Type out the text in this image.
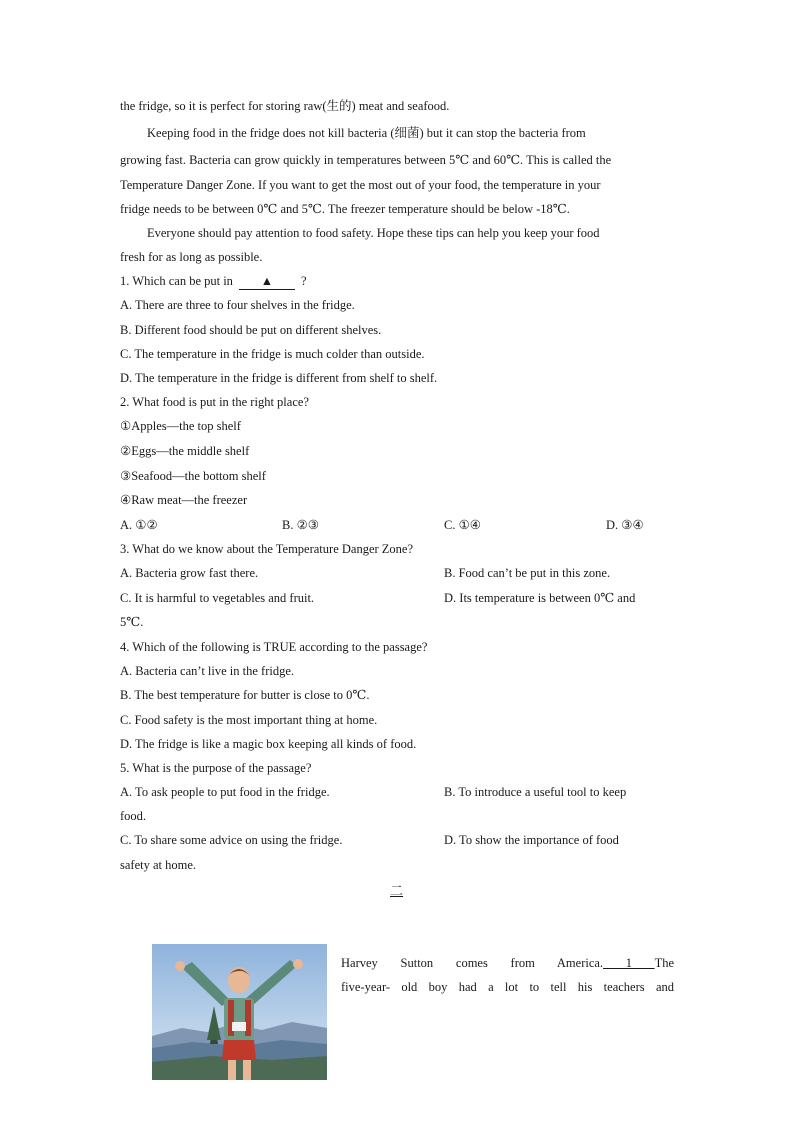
the fridge, so it is perfect for storing raw(生的) meat and seafood.
Keeping food in the fridge does not kill bacteria (细菌) but it can stop the bacteria from
growing fast. Bacteria can grow quickly in temperatures between 5℃ and 60℃. This is called the
Temperature Danger Zone. If you want to get the most out of your food, the temperature in your
fridge needs to be between 0℃ and 5℃. The freezer temperature should be below -18℃.
Everyone should pay attention to food safety. Hope these tips can help you keep your food
fresh for as long as possible.
1. Which can be put in ▲ ?
A. There are three to four shelves in the fridge.
B. Different food should be put on different shelves.
C. The temperature in the fridge is much colder than outside.
D. The temperature in the fridge is different from shelf to shelf.
2. What food is put in the right place?
①Apples—the top shelf
②Eggs—the middle shelf
③Seafood—the bottom shelf
④Raw meat—the freezer
A. ①②	B. ②③	C. ①④	D. ③④
3. What do we know about the Temperature Danger Zone?
A. Bacteria grow fast there.	B. Food can’t be put in this zone.
C. It is harmful to vegetables and fruit.	D. Its temperature is between 0℃ and
5℃.
4. Which of the following is TRUE according to the passage?
A. Bacteria can’t live in the fridge.
B. The best temperature for butter is close to 0℃.
C. Food safety is the most important thing at home.
D. The fridge is like a magic box keeping all kinds of food.
5. What is the purpose of the passage?
A. To ask people to put food in the fridge.	B. To introduce a useful tool to keep
food.
C. To share some advice on using the fridge.	D. To show the importance of food
safety at home.
二
Harvey Sutton comes from America. 1 The
five-year- old boy had a lot to tell his teachers and
